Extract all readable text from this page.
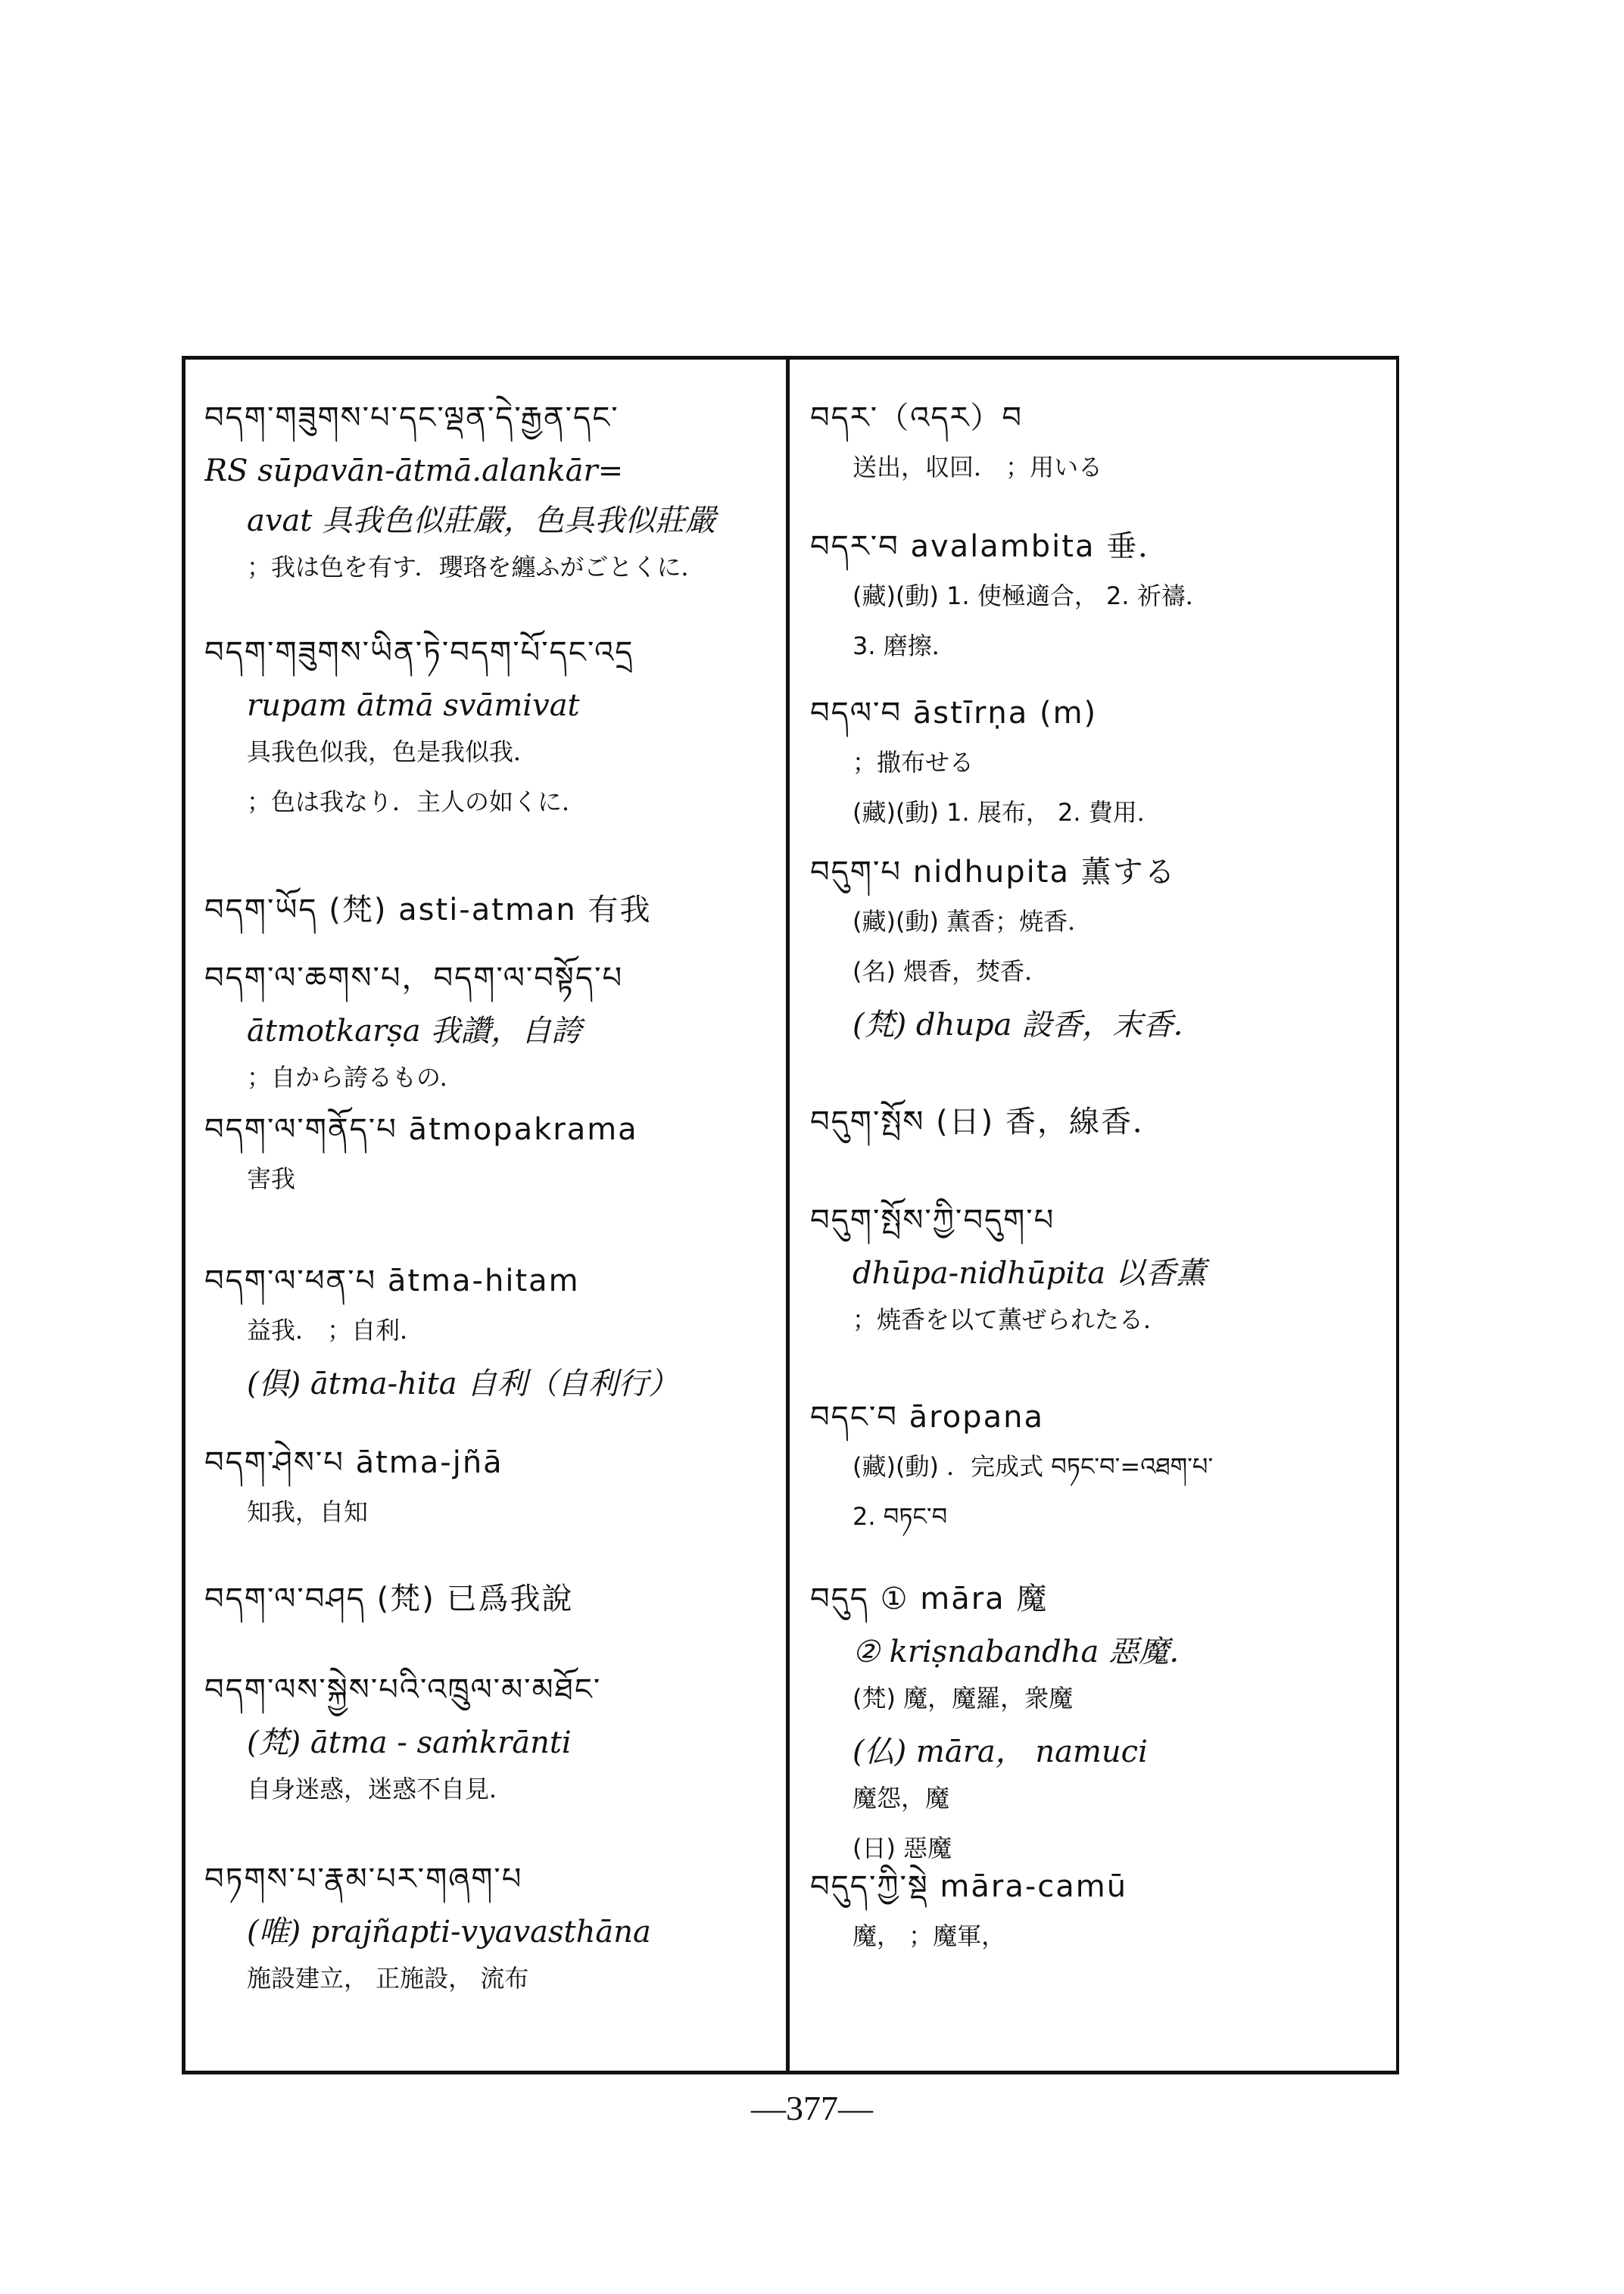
བདག་གཟུགས་པ་དང་ལྡན་དེ་རྒྱན་དང་
RS sūpavān-ātmā.alankār=
avat 具我色似莊嚴，色具我似莊嚴
；我は色を有す．瓔珞を纏ふがごとくに．
བདག་གཟུགས་ཡིན་ཏེ་བདག་པོ་དང་འདྲ
rupam ātmā svāmivat
具我色似我，色是我似我．
；色は我なり．主人の如くに．
བདག་ཡོད (梵) asti-atman 有我
བདག་ལ་ཆགས་པ，བདག་ལ་བསྟོད་པ
ātmotkarṣa 我讚，自誇
；自から誇るもの．
བདག་ལ་གནོད་པ ātmopakrama
害我
བདག་ལ་ཕན་པ ātma-hitam
益我． ；自利．
(俱) ātma-hita 自利（自利行）
བདག་ཤེས་པ ātma-jñā
知我，自知
བདག་ལ་བཤད (梵) 已爲我說
བདག་ལས་སྐྱེས་པའི་འཁྲུལ་མ་མཐོང་
(梵) ātma - saṁkrānti
自身迷惑，迷惑不自見．
བཏགས་པ་རྣམ་པར་གཞག་པ
(唯) prajñapti-vyavasthāna
施設建立， 正施設， 流布
བདར་（འདར）བ
送出，収回． ；用いる
བདར་བ avalambita 垂．
(藏)(動) 1. 使極適合， 2. 祈禱．
3. 磨擦．
བདལ་བ āstīrṇa (m)
；撒布せる
(藏)(動) 1. 展布， 2. 費用．
བདུག་པ nidhupita 薫する
(藏)(動) 薫香；焼香．
(名) 煨香，焚香．
(梵) dhupa 設香，末香．
བདུག་སྤོས (日) 香，線香．
བདུག་སྤོས་ཀྱི་བདུག་པ
dhūpa-nidhūpita 以香薫
；焼香を以て薫ぜられたる．
བདང་བ āropana
(藏)(動) ．完成式 བཏང་བ་=འཐག་པ་
2. བཏང་བ
བདུད ① māra 魔
② kriṣnabandha 惡魔．
(梵) 魔，魔羅，衆魔
(仏) māra， namuci
魔怨，魔
(日) 惡魔
བདུད་ཀྱི་སྡེ māra-camū
魔， ；魔軍，
—377—
